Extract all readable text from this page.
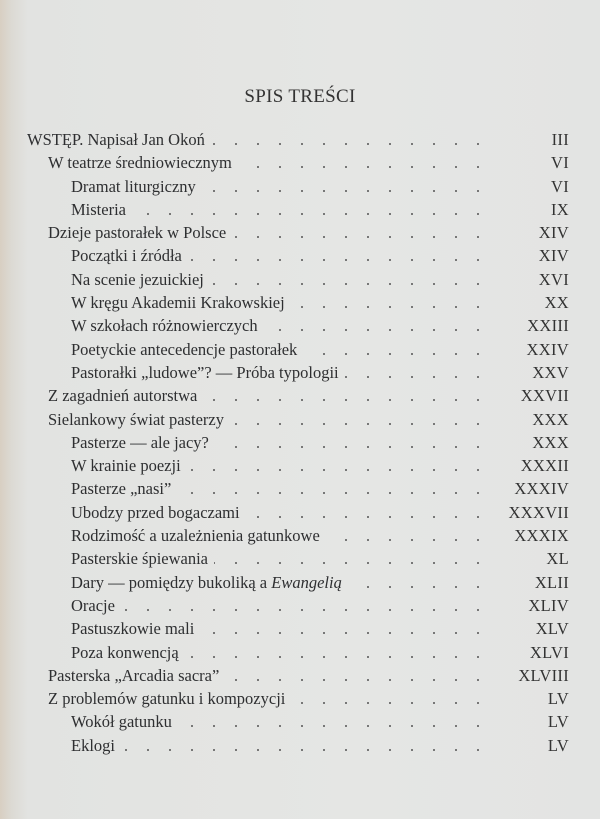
SPIS TREŚCI
WSTĘP. Napisał Jan Okoń	III
W teatrze średniowiecznym	VI
Dramat liturgiczny	VI
Misteria	IX
Dzieje pastorałek w Polsce	XIV
Początki i źródła	XIV
Na scenie jezuickiej	XVI
W kręgu Akademii Krakowskiej	XX
W szkołach różnowierczych	XXIII
Poetyckie antecedencje pastorałek	XXIV
Pastorałki „ludowe”? — Próba typologii	XXV
Z zagadnień autorstwa	XXVII
Sielankowy świat pasterzy	XXX
Pasterze — ale jacy?	XXX
W krainie poezji	XXXII
Pasterze „nasi”	XXXIV
Ubodzy przed bogaczami	XXXVII
Rodzimość a uzależnienia gatunkowe	XXXIX
Pasterskie śpiewania	XL
Dary — pomiędzy bukoliką a Ewangelią	XLII
Oracje	XLIV
Pastuszkowie mali	XLV
Poza konwencją	XLVI
Pasterska „Arcadia sacra”	XLVIII
Z problemów gatunku i kompozycji	LV
Wokół gatunku	LV
Eklogi	LV
